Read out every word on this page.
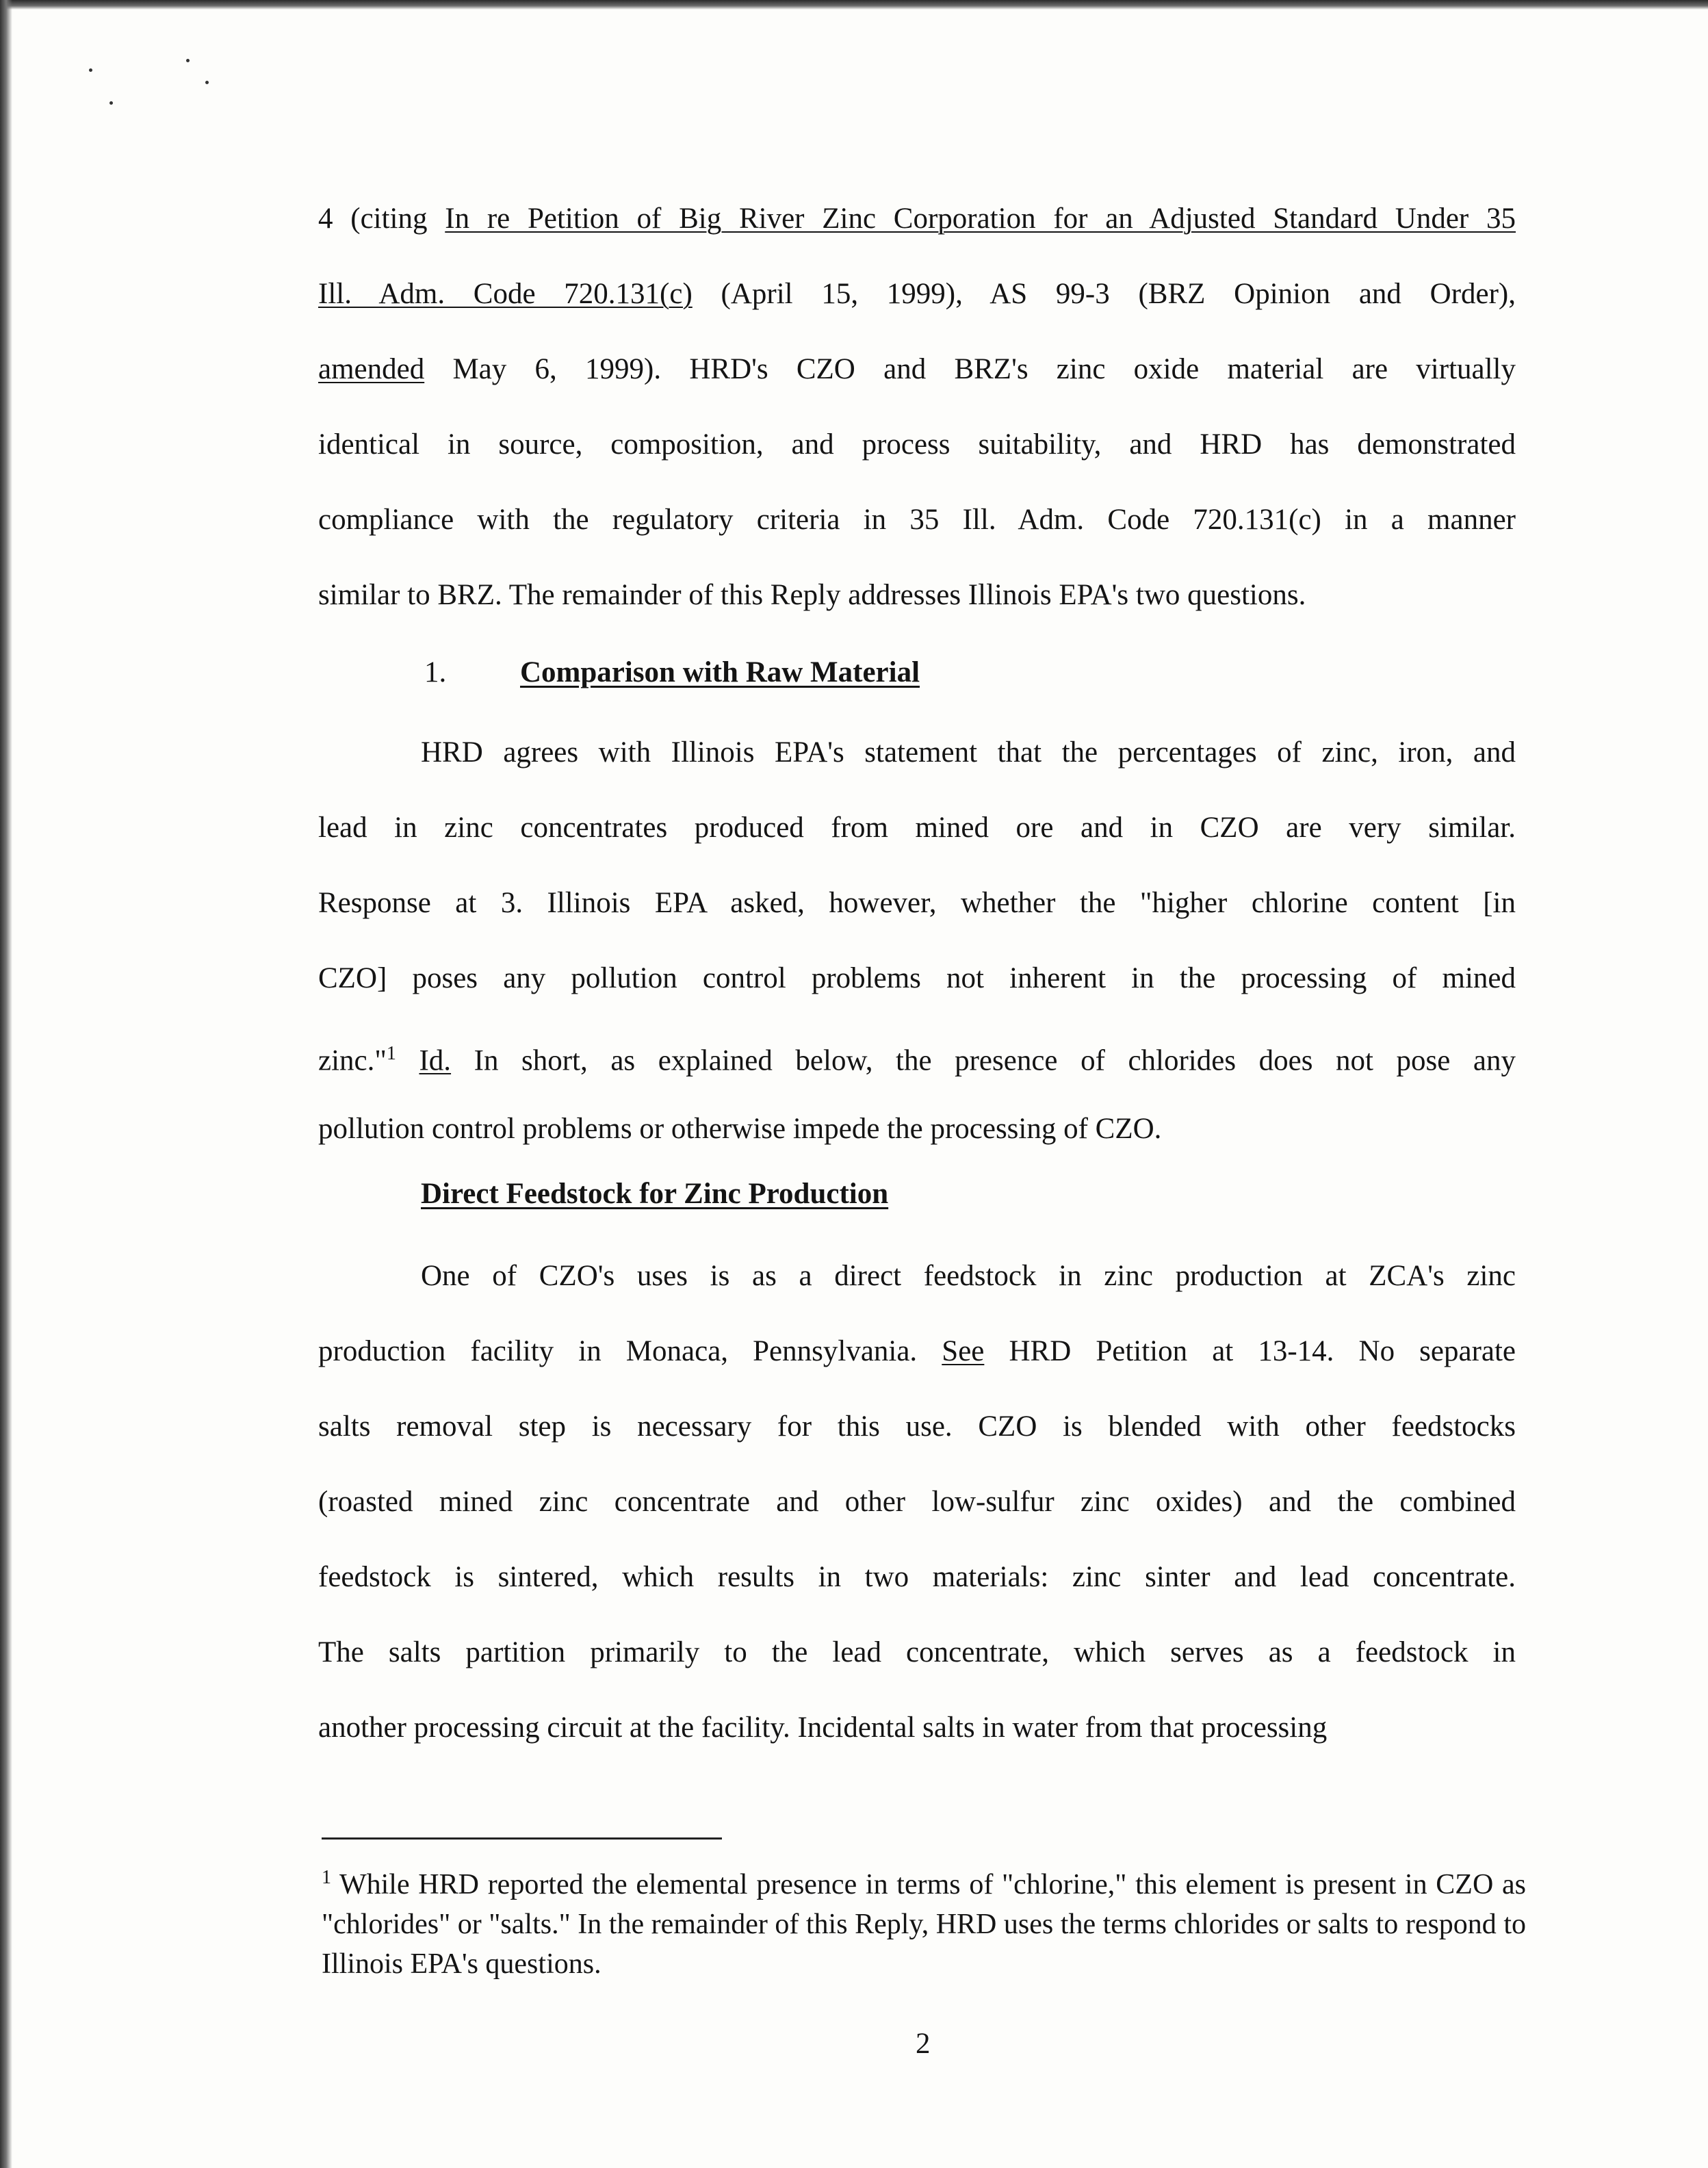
4 (citing In re Petition of Big River Zinc Corporation for an Adjusted Standard Under 35
Ill. Adm. Code 720.131(c) (April 15, 1999), AS 99-3 (BRZ Opinion and Order),
amended May 6, 1999). HRD's CZO and BRZ's zinc oxide material are virtually
identical in source, composition, and process suitability, and HRD has demonstrated
compliance with the regulatory criteria in 35 Ill. Adm. Code 720.131(c) in a manner
similar to BRZ. The remainder of this Reply addresses Illinois EPA's two questions.
1.	Comparison with Raw Material
HRD agrees with Illinois EPA's statement that the percentages of zinc, iron, and
lead in zinc concentrates produced from mined ore and in CZO are very similar.
Response at 3. Illinois EPA asked, however, whether the "higher chlorine content [in
CZO] poses any pollution control problems not inherent in the processing of mined
zinc."$^1$ Id. In short, as explained below, the presence of chlorides does not pose any
pollution control problems or otherwise impede the processing of CZO.
Direct Feedstock for Zinc Production
One of CZO's uses is as a direct feedstock in zinc production at ZCA's zinc
production facility in Monaca, Pennsylvania. See HRD Petition at 13-14. No separate
salts removal step is necessary for this use. CZO is blended with other feedstocks
(roasted mined zinc concentrate and other low-sulfur zinc oxides) and the combined
feedstock is sintered, which results in two materials: zinc sinter and lead concentrate.
The salts partition primarily to the lead concentrate, which serves as a feedstock in
another processing circuit at the facility. Incidental salts in water from that processing
$^1$ While HRD reported the elemental presence in terms of "chlorine," this element is present in CZO as "chlorides" or "salts." In the remainder of this Reply, HRD uses the terms chlorides or salts to respond to Illinois EPA's questions.
2
